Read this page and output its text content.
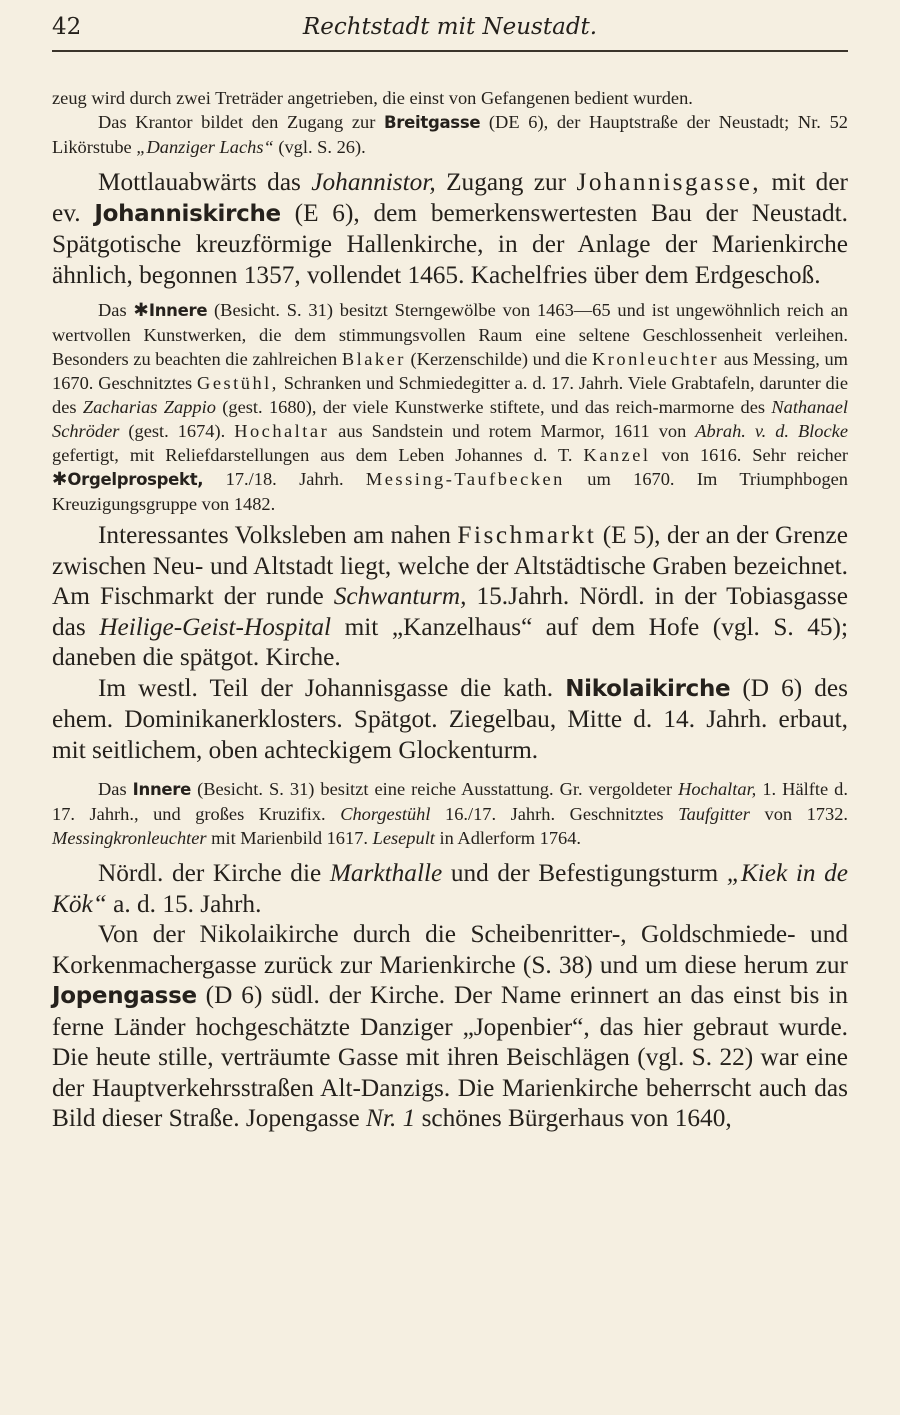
Rechtstadt mit Neustadt.
42

zeug wird durch zwei Treträder angetrieben, die einst von Gefangenen bedient wurden.

Das Krantor bildet den Zugang zur Breitgasse (DE 6), der Hauptstraße der Neustadt; Nr. 52 Likörstube „Danziger Lachs“ (vgl. S. 26).

Mottlauabwärts das Johannistor, Zugang zur Johannisgasse, mit der ev. Johanniskirche (E 6), dem bemerkenswertesten Bau der Neustadt. Spätgotische kreuzförmige Hallenkirche, in der Anlage der Marienkirche ähnlich, begonnen 1357, vollendet 1465. Kachelfries über dem Erdgeschoß.

Das ✱Innere (Besicht. S. 31) besitzt Sterngewölbe von 1463—65 und ist ungewöhnlich reich an wertvollen Kunstwerken, die dem stimmungsvollen Raum eine seltene Geschlossenheit verleihen. Besonders zu beachten die zahlreichen Blaker (Kerzenschilde) und die Kronleuchter aus Messing, um 1670. Geschnitztes Gestühl, Schranken und Schmiedegitter a. d. 17. Jahrh. Viele Grabtafeln, darunter die des Zacharias Zappio (gest. 1680), der viele Kunstwerke stiftete, und das reich-marmorne des Nathanael Schröder (gest. 1674). Hochaltar aus Sandstein und rotem Marmor, 1611 von Abrah. v. d. Blocke gefertigt, mit Reliefdarstellungen aus dem Leben Johannes d. T. Kanzel von 1616. Sehr reicher ✱Orgelprospekt, 17./18. Jahrh. Messing-Taufbecken um 1670. Im Triumphbogen Kreuzigungsgruppe von 1482.

Interessantes Volksleben am nahen Fischmarkt (E 5), der an der Grenze zwischen Neu- und Altstadt liegt, welche der Altstädtische Graben bezeichnet. Am Fischmarkt der runde Schwanturm, 15.Jahrh. Nördl. in der Tobiasgasse das Heilige-Geist-Hospital mit „Kanzelhaus“ auf dem Hofe (vgl. S. 45); daneben die spätgot. Kirche.

Im westl. Teil der Johannisgasse die kath. Nikolaikirche (D 6) des ehem. Dominikanerklosters. Spätgot. Ziegelbau, Mitte d. 14. Jahrh. erbaut, mit seitlichem, oben achteckigem Glockenturm.

Das Innere (Besicht. S. 31) besitzt eine reiche Ausstattung. Gr. vergoldeter Hochaltar, 1. Hälfte d. 17. Jahrh., und großes Kruzifix. Chorgestühl 16./17. Jahrh. Geschnitztes Taufgitter von 1732. Messingkronleuchter mit Marienbild 1617. Lesepult in Adlerform 1764.

Nördl. der Kirche die Markthalle und der Befestigungsturm „Kiek in de Kök“ a. d. 15. Jahrh.

Von der Nikolaikirche durch die Scheibenritter-, Goldschmiede- und Korkenmachergasse zurück zur Marienkirche (S. 38) und um diese herum zur Jopengasse (D 6) südl. der Kirche. Der Name erinnert an das einst bis in ferne Länder hochgeschätzte Danziger „Jopenbier“, das hier gebraut wurde. Die heute stille, verträumte Gasse mit ihren Beischlägen (vgl. S. 22) war eine der Hauptverkehrsstraßen Alt-Danzigs. Die Marienkirche beherrscht auch das Bild dieser Straße. Jopengasse Nr. 1 schönes Bürgerhaus von 1640,
